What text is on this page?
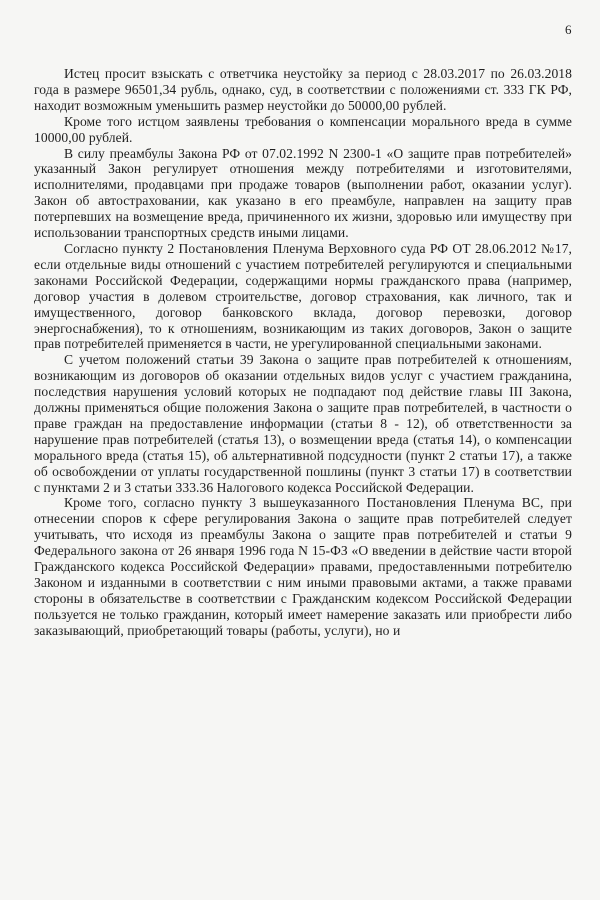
6

Истец просит взыскать с ответчика неустойку за период с 28.03.2017 по 26.03.2018 года в размере 96501,34 рубль, однако, суд, в соответствии с положениями ст. 333 ГК РФ, находит возможным уменьшить размер неустойки до 50000,00 рублей.

Кроме того истцом заявлены требования о компенсации морального вреда в сумме 10000,00 рублей.

В силу преамбулы Закона РФ от 07.02.1992 N 2300-1 «О защите прав потребителей» указанный Закон регулирует отношения между потребителями и изготовителями, исполнителями, продавцами при продаже товаров (выполнении работ, оказании услуг). Закон об автостраховании, как указано в его преамбуле, направлен на защиту прав потерпевших на возмещение вреда, причиненного их жизни, здоровью или имуществу при использовании транспортных средств иными лицами.

Согласно пункту 2 Постановления Пленума Верховного суда РФ ОТ 28.06.2012 №17, если отдельные виды отношений с участием потребителей регулируются и специальными законами Российской Федерации, содержащими нормы гражданского права (например, договор участия в долевом строительстве, договор страхования, как личного, так и имущественного, договор банковского вклада, договор перевозки, договор энергоснабжения), то к отношениям, возникающим из таких договоров, Закон о защите прав потребителей применяется в части, не урегулированной специальными законами.

С учетом положений статьи 39 Закона о защите прав потребителей к отношениям, возникающим из договоров об оказании отдельных видов услуг с участием гражданина, последствия нарушения условий которых не подпадают под действие главы III Закона, должны применяться общие положения Закона о защите прав потребителей, в частности о праве граждан на предоставление информации (статьи 8 - 12), об ответственности за нарушение прав потребителей (статья 13), о возмещении вреда (статья 14), о компенсации морального вреда (статья 15), об альтернативной подсудности (пункт 2 статьи 17), а также об освобождении от уплаты государственной пошлины (пункт 3 статьи 17) в соответствии с пунктами 2 и 3 статьи 333.36 Налогового кодекса Российской Федерации.

Кроме того, согласно пункту 3 вышеуказанного Постановления Пленума ВС, при отнесении споров к сфере регулирования Закона о защите прав потребителей следует учитывать, что исходя из преамбулы Закона о защите прав потребителей и статьи 9 Федерального закона от 26 января 1996 года N 15-ФЗ «О введении в действие части второй Гражданского кодекса Российской Федерации» правами, предоставленными потребителю Законом и изданными в соответствии с ним иными правовыми актами, а также правами стороны в обязательстве в соответствии с Гражданским кодексом Российской Федерации пользуется не только гражданин, который имеет намерение заказать или приобрести либо заказывающий, приобретающий товары (работы, услуги), но и
